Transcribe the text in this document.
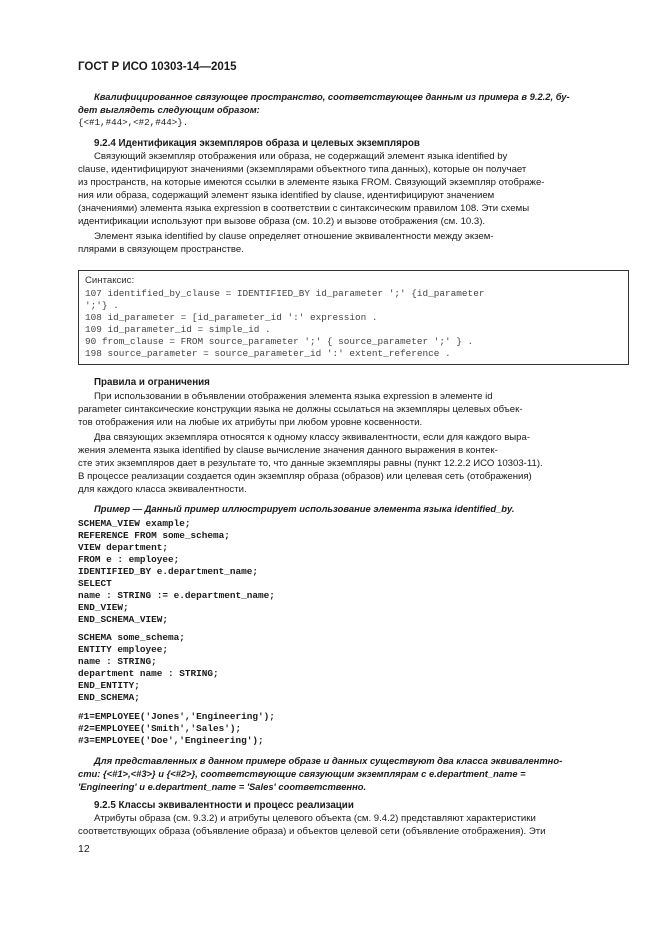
ГОСТ Р ИСО 10303-14—2015
Квалифицированное связующее пространство, соответствующее данным из примера в 9.2.2, бу-
дет выглядеть следующим образом:
{<#1,#44>,<#2,#44>}.
9.2.4 Идентификация экземпляров образа и целевых экземпляров
Связующий экземпляр отображения или образа, не содержащий элемент языка identified by
clause, идентифицируют значениями (экземплярами объектного типа данных), которые он получает
из пространств, на которые имеются ссылки в элементе языка FROM. Связующий экземпляр отображе-
ния или образа, содержащий элемент языка identified by clause, идентифицируют значением
(значениями) элемента языка expression в соответствии с синтаксическим правилом 108. Эти схемы
идентификации используют при вызове образа (см. 10.2) и вызове отображения (см. 10.3).
Элемент языка identified by clause определяет отношение эквивалентности между экзем-
плярами в связующем пространстве.
Синтаксис:
107 identified_by_clause = IDENTIFIED_BY id_parameter ';' {id_parameter
';'} .
108 id_parameter = [id_parameter_id ':' expression .
109 id_parameter_id = simple_id .
90 from_clause = FROM source_parameter ';' { source_parameter ';' } .
198 source_parameter = source_parameter_id ':' extent_reference .
Правила и ограничения
При использовании в объявлении отображения элемента языка expression в элементе id
parameter синтаксические конструкции языка не должны ссылаться на экземпляры целевых объек-
тов отображения или на любые их атрибуты при любом уровне косвенности.
Два связующих экземпляра относятся к одному классу эквивалентности, если для каждого выра-
жения элемента языка identified by clause вычисление значения данного выражения в контек-
сте этих экземпляров дает в результате то, что данные экземпляры равны (пункт 12.2.2 ИСО 10303-11).
В процессе реализации создается один экземпляр образа (образов) или целевая сеть (отображения)
для каждого класса эквивалентности.
Пример — Данный пример иллюстрирует использование элемента языка identified_by.
SCHEMA_VIEW example;
REFERENCE FROM some_schema;
VIEW department;
FROM e : employee;
IDENTIFIED_BY e.department_name;
SELECT
name : STRING := e.department_name;
END_VIEW;
END_SCHEMA_VIEW;
SCHEMA some_schema;
ENTITY employee;
name : STRING;
department name : STRING;
END_ENTITY;
END_SCHEMA;
#1=EMPLOYEE('Jones','Engineering');
#2=EMPLOYEE('Smith','Sales');
#3=EMPLOYEE('Doe','Engineering');
Для представленных в данном примере образе и данных существуют два класса эквивалентно-
сти: {<#1>,<#3>} и {<#2>}, соответствующие связующим экземплярам с e.department_name =
'Engineering' и e.department_name = 'Sales' соответственно.
9.2.5 Классы эквивалентности и процесс реализации
Атрибуты образа (см. 9.3.2) и атрибуты целевого объекта (см. 9.4.2) представляют характеристики
соответствующих образа (объявление образа) и объектов целевой сети (объявление отображения). Эти
12
